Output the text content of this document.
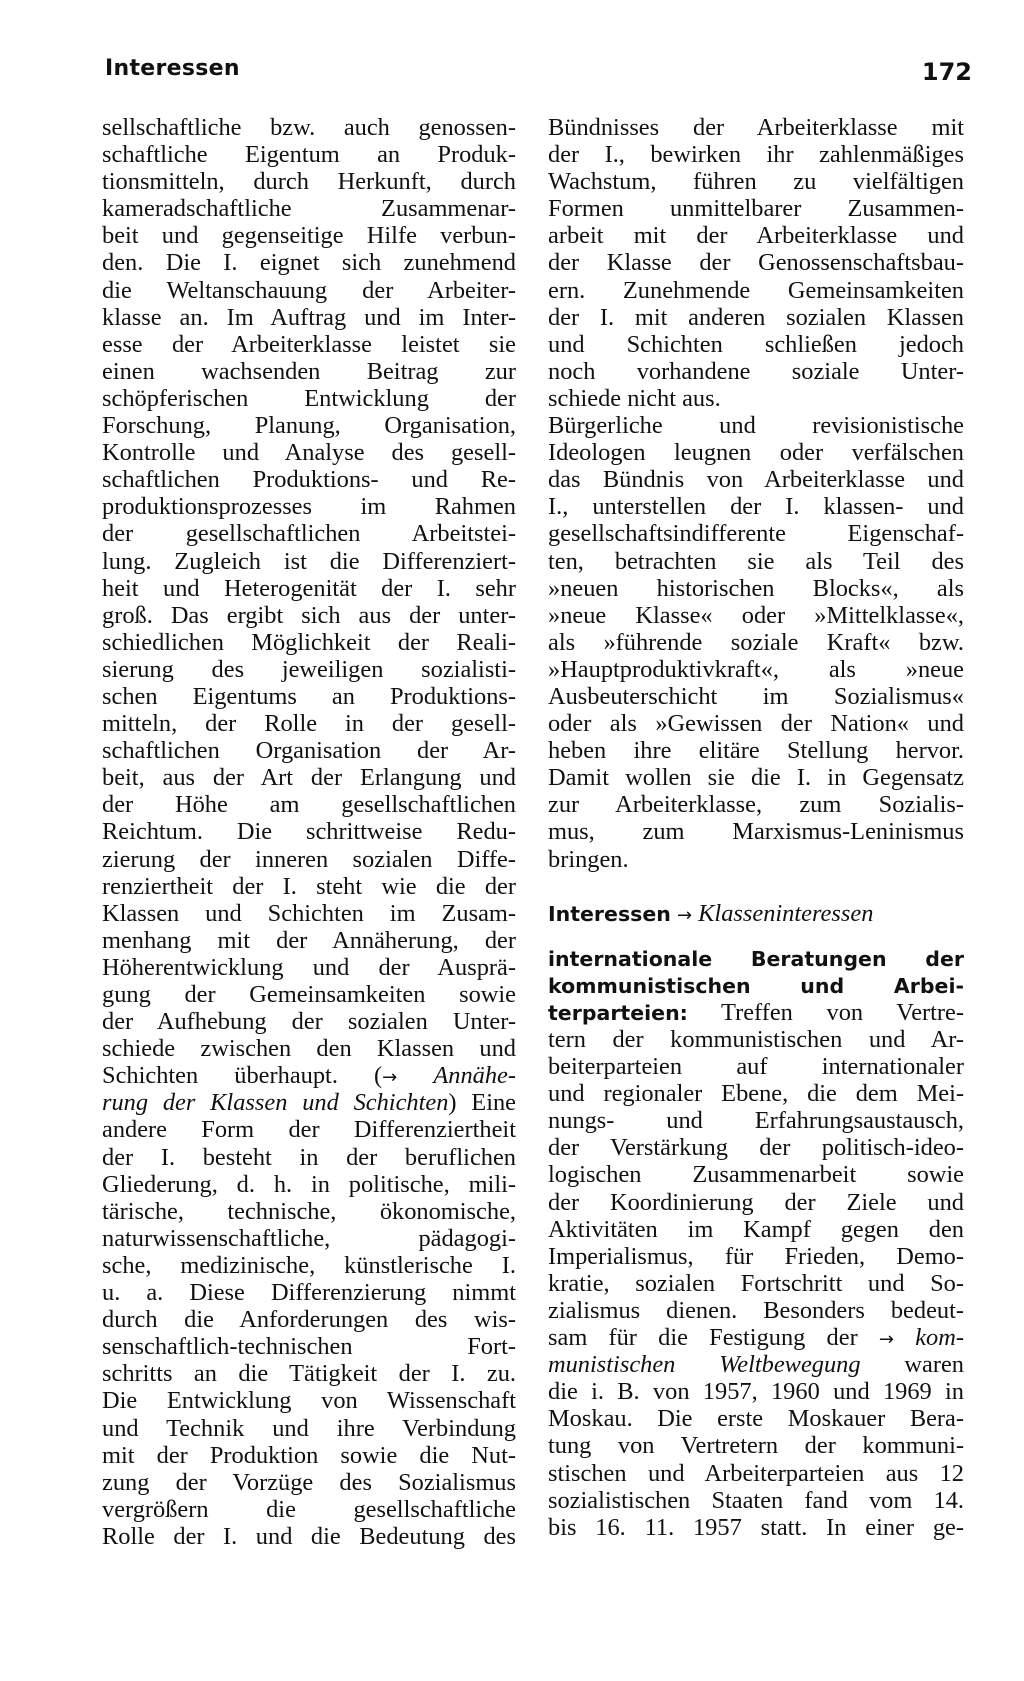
Interessen	172
sellschaftliche bzw. auch genossen-
schaftliche Eigentum an Produk-
tionsmitteln, durch Herkunft, durch
kameradschaftliche Zusammenar-
beit und gegenseitige Hilfe verbun-
den. Die I. eignet sich zunehmend
die Weltanschauung der Arbeiter-
klasse an. Im Auftrag und im Inter-
esse der Arbeiterklasse leistet sie
einen wachsenden Beitrag zur
schöpferischen Entwicklung der
Forschung, Planung, Organisation,
Kontrolle und Analyse des gesell-
schaftlichen Produktions- und Re-
produktionsprozesses im Rahmen
der gesellschaftlichen Arbeitstei-
lung. Zugleich ist die Differenziert-
heit und Heterogenität der I. sehr
groß. Das ergibt sich aus der unter-
schiedlichen Möglichkeit der Reali-
sierung des jeweiligen sozialisti-
schen Eigentums an Produktions-
mitteln, der Rolle in der gesell-
schaftlichen Organisation der Ar-
beit, aus der Art der Erlangung und
der Höhe am gesellschaftlichen
Reichtum. Die schrittweise Redu-
zierung der inneren sozialen Diffe-
renziertheit der I. steht wie die der
Klassen und Schichten im Zusam-
menhang mit der Annäherung, der
Höherentwicklung und der Ausprä-
gung der Gemeinsamkeiten sowie
der Aufhebung der sozialen Unter-
schiede zwischen den Klassen und
Schichten überhaupt. (→ Annähe-
rung der Klassen und Schichten) Eine
andere Form der Differenziertheit
der I. besteht in der beruflichen
Gliederung, d. h. in politische, mili-
tärische, technische, ökonomische,
naturwissenschaftliche, pädagogi-
sche, medizinische, künstlerische I.
u. a. Diese Differenzierung nimmt
durch die Anforderungen des wis-
senschaftlich-technischen Fort-
schritts an die Tätigkeit der I. zu.
Die Entwicklung von Wissenschaft
und Technik und ihre Verbindung
mit der Produktion sowie die Nut-
zung der Vorzüge des Sozialismus
vergrößern die gesellschaftliche
Rolle der I. und die Bedeutung des
Bündnisses der Arbeiterklasse mit
der I., bewirken ihr zahlenmäßiges
Wachstum, führen zu vielfältigen
Formen unmittelbarer Zusammen-
arbeit mit der Arbeiterklasse und
der Klasse der Genossenschaftsbau-
ern. Zunehmende Gemeinsamkeiten
der I. mit anderen sozialen Klassen
und Schichten schließen jedoch
noch vorhandene soziale Unter-
schiede nicht aus.
Bürgerliche und revisionistische
Ideologen leugnen oder verfälschen
das Bündnis von Arbeiterklasse und
I., unterstellen der I. klassen- und
gesellschaftsindifferente Eigenschaf-
ten, betrachten sie als Teil des
»neuen historischen Blocks«, als
»neue Klasse« oder »Mittelklasse«,
als »führende soziale Kraft« bzw.
»Hauptproduktivkraft«, als »neue
Ausbeuterschicht im Sozialismus«
oder als »Gewissen der Nation« und
heben ihre elitäre Stellung hervor.
Damit wollen sie die I. in Gegensatz
zur Arbeiterklasse, zum Sozialis-
mus, zum Marxismus-Leninismus
bringen.
Interessen → Klasseninteressen
internationale Beratungen der
kommunistischen und Arbei-
terparteien: Treffen von Vertre-
tern der kommunistischen und Ar-
beiterparteien auf internationaler
und regionaler Ebene, die dem Mei-
nungs- und Erfahrungsaustausch,
der Verstärkung der politisch-ideo-
logischen Zusammenarbeit sowie
der Koordinierung der Ziele und
Aktivitäten im Kampf gegen den
Imperialismus, für Frieden, Demo-
kratie, sozialen Fortschritt und So-
zialismus dienen. Besonders bedeut-
sam für die Festigung der → kom-
munistischen Weltbewegung waren
die i. B. von 1957, 1960 und 1969 in
Moskau. Die erste Moskauer Bera-
tung von Vertretern der kommuni-
stischen und Arbeiterparteien aus 12
sozialistischen Staaten fand vom 14.
bis 16. 11. 1957 statt. In einer ge-
